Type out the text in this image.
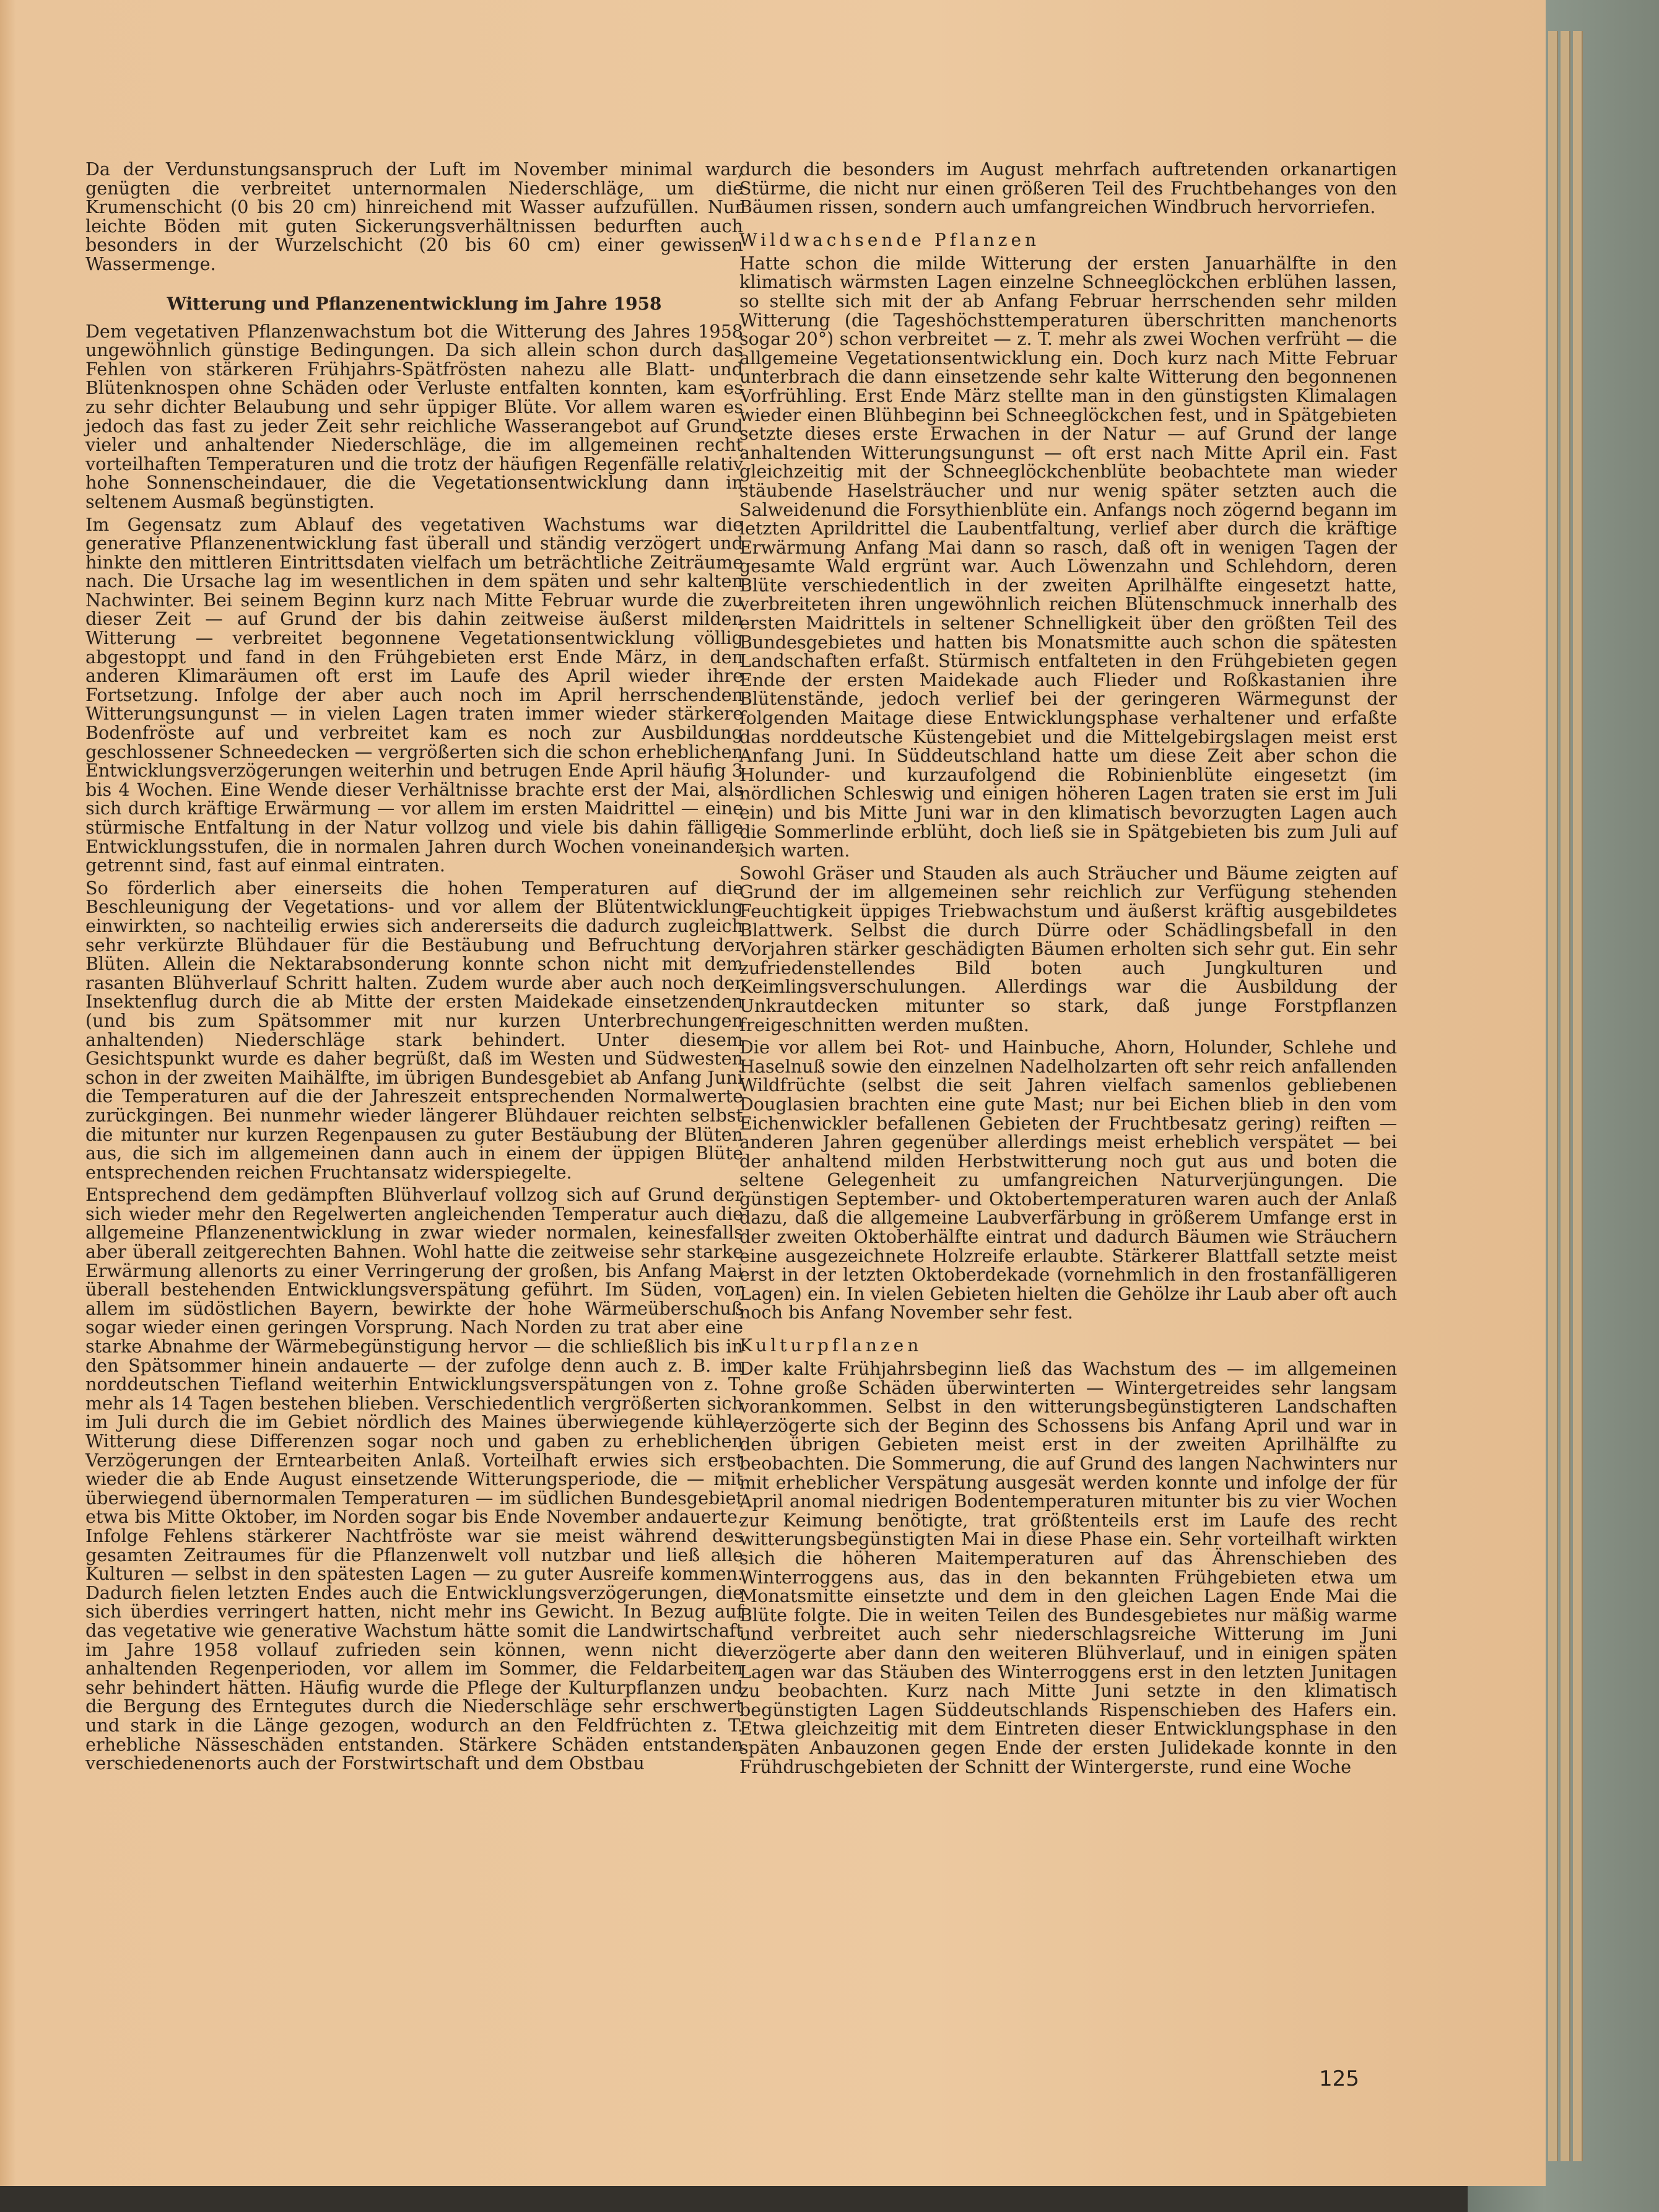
Da der Verdunstungsanspruch der Luft im November minimal war, genügten die verbreitet unternormalen Niederschläge, um die Krumenschicht (0 bis 20 cm) hinreichend mit Wasser aufzufüllen. Nur leichte Böden mit guten Sickerungsverhältnissen bedurften auch besonders in der Wurzelschicht (20 bis 60 cm) einer gewissen Wassermenge.

Witterung und Pflanzenentwicklung im Jahre 1958

Dem vegetativen Pflanzenwachstum bot die Witterung des Jahres 1958 ungewöhnlich günstige Bedingungen. Da sich allein schon durch das Fehlen von stärkeren Frühjahrs-Spätfrösten nahezu alle Blatt- und Blütenknospen ohne Schäden oder Verluste entfalten konnten, kam es zu sehr dichter Belaubung und sehr üppiger Blüte. Vor allem waren es jedoch das fast zu jeder Zeit sehr reichliche Wasserangebot auf Grund vieler und anhaltender Niederschläge, die im allgemeinen recht vorteilhaften Temperaturen und die trotz der häufigen Regenfälle relativ hohe Sonnenscheindauer, die die Vegetationsentwicklung dann in seltenem Ausmaß begünstigten.

Im Gegensatz zum Ablauf des vegetativen Wachstums war die generative Pflanzenentwicklung fast überall und ständig verzögert und hinkte den mittleren Eintrittsdaten vielfach um beträchtliche Zeiträume nach. Die Ursache lag im wesentlichen in dem späten und sehr kalten Nachwinter. Bei seinem Beginn kurz nach Mitte Februar wurde die zu dieser Zeit — auf Grund der bis dahin zeitweise äußerst milden Witterung — verbreitet begonnene Vegetationsentwicklung völlig abgestoppt und fand in den Frühgebieten erst Ende März, in den anderen Klimaräumen oft erst im Laufe des April wieder ihre Fortsetzung. Infolge der aber auch noch im April herrschenden Witterungsungunst — in vielen Lagen traten immer wieder stärkere Bodenfröste auf und verbreitet kam es noch zur Ausbildung geschlossener Schneedecken — vergrößerten sich die schon erheblichen Entwicklungsverzögerungen weiterhin und betrugen Ende April häufig 3 bis 4 Wochen. Eine Wende dieser Verhältnisse brachte erst der Mai, als sich durch kräftige Erwärmung — vor allem im ersten Maidrittel — eine stürmische Entfaltung in der Natur vollzog und viele bis dahin fällige Entwicklungsstufen, die in normalen Jahren durch Wochen voneinander getrennt sind, fast auf einmal eintraten.

So förderlich aber einerseits die hohen Temperaturen auf die Beschleunigung der Vegetations- und vor allem der Blütentwicklung einwirkten, so nachteilig erwies sich andererseits die dadurch zugleich sehr verkürzte Blühdauer für die Bestäubung und Befruchtung der Blüten. Allein die Nektarabsonderung konnte schon nicht mit dem rasanten Blühverlauf Schritt halten. Zudem wurde aber auch noch der Insektenflug durch die ab Mitte der ersten Maidekade einsetzenden (und bis zum Spätsommer mit nur kurzen Unterbrechungen anhaltenden) Niederschläge stark behindert. Unter diesem Gesichtspunkt wurde es daher begrüßt, daß im Westen und Südwesten schon in der zweiten Maihälfte, im übrigen Bundesgebiet ab Anfang Juni die Temperaturen auf die der Jahreszeit entsprechenden Normalwerte zurückgingen. Bei nunmehr wieder längerer Blühdauer reichten selbst die mitunter nur kurzen Regenpausen zu guter Bestäubung der Blüten aus, die sich im allgemeinen dann auch in einem der üppigen Blüte entsprechenden reichen Fruchtansatz widerspiegelte.

Entsprechend dem gedämpften Blühverlauf vollzog sich auf Grund der sich wieder mehr den Regelwerten angleichenden Temperatur auch die allgemeine Pflanzenentwicklung in zwar wieder normalen, keinesfalls aber überall zeitgerechten Bahnen. Wohl hatte die zeitweise sehr starke Erwärmung allenorts zu einer Verringerung der großen, bis Anfang Mai überall bestehenden Entwicklungsverspätung geführt. Im Süden, vor allem im südöstlichen Bayern, bewirkte der hohe Wärmeüberschuß sogar wieder einen geringen Vorsprung. Nach Norden zu trat aber eine starke Abnahme der Wärmebegünstigung hervor — die schließlich bis in den Spätsommer hinein andauerte — der zufolge denn auch z. B. im norddeutschen Tiefland weiterhin Entwicklungsverspätungen von z. T. mehr als 14 Tagen bestehen blieben. Verschiedentlich vergrößerten sich im Juli durch die im Gebiet nördlich des Maines überwiegende kühle Witterung diese Differenzen sogar noch und gaben zu erheblichen Verzögerungen der Erntearbeiten Anlaß. Vorteilhaft erwies sich erst wieder die ab Ende August einsetzende Witterungsperiode, die — mit überwiegend übernormalen Temperaturen — im südlichen Bundesgebiet etwa bis Mitte Oktober, im Norden sogar bis Ende November andauerte. Infolge Fehlens stärkerer Nachtfröste war sie meist während des gesamten Zeitraumes für die Pflanzenwelt voll nutzbar und ließ alle Kulturen — selbst in den spätesten Lagen — zu guter Ausreife kommen. Dadurch fielen letzten Endes auch die Entwicklungsverzögerungen, die sich überdies verringert hatten, nicht mehr ins Gewicht. In Bezug auf das vegetative wie generative Wachstum hätte somit die Landwirtschaft im Jahre 1958 vollauf zufrieden sein können, wenn nicht die anhaltenden Regenperioden, vor allem im Sommer, die Feldarbeiten sehr behindert hätten. Häufig wurde die Pflege der Kulturpflanzen und die Bergung des Erntegutes durch die Niederschläge sehr erschwert und stark in die Länge gezogen, wodurch an den Feldfrüchten z. T. erhebliche Nässeschäden entstanden. Stärkere Schäden entstanden verschiedenenorts auch der Forstwirtschaft und dem Obstbau

durch die besonders im August mehrfach auftretenden orkanartigen Stürme, die nicht nur einen größeren Teil des Fruchtbehanges von den Bäumen rissen, sondern auch umfangreichen Windbruch hervorriefen.

Wildwachsende Pflanzen

Hatte schon die milde Witterung der ersten Januarhälfte in den klimatisch wärmsten Lagen einzelne Schneeglöckchen erblühen lassen, so stellte sich mit der ab Anfang Februar herrschenden sehr milden Witterung (die Tageshöchsttemperaturen überschritten manchenorts sogar 20°) schon verbreitet — z. T. mehr als zwei Wochen verfrüht — die allgemeine Vegetationsentwicklung ein. Doch kurz nach Mitte Februar unterbrach die dann einsetzende sehr kalte Witterung den begonnenen Vorfrühling. Erst Ende März stellte man in den günstigsten Klimalagen wieder einen Blühbeginn bei Schneeglöckchen fest, und in Spätgebieten setzte dieses erste Erwachen in der Natur — auf Grund der lange anhaltenden Witterungsungunst — oft erst nach Mitte April ein. Fast gleichzeitig mit der Schneeglöckchenblüte beobachtete man wieder stäubende Haselsträucher und nur wenig später setzten auch die Salweidenund die Forsythienblüte ein. Anfangs noch zögernd begann im letzten Aprildrittel die Laubentfaltung, verlief aber durch die kräftige Erwärmung Anfang Mai dann so rasch, daß oft in wenigen Tagen der gesamte Wald ergrünt war. Auch Löwenzahn und Schlehdorn, deren Blüte verschiedentlich in der zweiten Aprilhälfte eingesetzt hatte, verbreiteten ihren ungewöhnlich reichen Blütenschmuck innerhalb des ersten Maidrittels in seltener Schnelligkeit über den größten Teil des Bundesgebietes und hatten bis Monatsmitte auch schon die spätesten Landschaften erfaßt. Stürmisch entfalteten in den Frühgebieten gegen Ende der ersten Maidekade auch Flieder und Roßkastanien ihre Blütenstände, jedoch verlief bei der geringeren Wärmegunst der folgenden Maitage diese Entwicklungsphase verhaltener und erfaßte das norddeutsche Küstengebiet und die Mittelgebirgslagen meist erst Anfang Juni. In Süddeutschland hatte um diese Zeit aber schon die Holunder- und kurzaufolgend die Robinienblüte eingesetzt (im nördlichen Schleswig und einigen höheren Lagen traten sie erst im Juli ein) und bis Mitte Juni war in den klimatisch bevorzugten Lagen auch die Sommerlinde erblüht, doch ließ sie in Spätgebieten bis zum Juli auf sich warten.

Sowohl Gräser und Stauden als auch Sträucher und Bäume zeigten auf Grund der im allgemeinen sehr reichlich zur Verfügung stehenden Feuchtigkeit üppiges Triebwachstum und äußerst kräftig ausgebildetes Blattwerk. Selbst die durch Dürre oder Schädlingsbefall in den Vorjahren stärker geschädigten Bäumen erholten sich sehr gut. Ein sehr zufriedenstellendes Bild boten auch Jungkulturen und Keimlingsverschulungen. Allerdings war die Ausbildung der Unkrautdecken mitunter so stark, daß junge Forstpflanzen freigeschnitten werden mußten.

Die vor allem bei Rot- und Hainbuche, Ahorn, Holunder, Schlehe und Haselnuß sowie den einzelnen Nadelholzarten oft sehr reich anfallenden Wildfrüchte (selbst die seit Jahren vielfach samenlos gebliebenen Douglasien brachten eine gute Mast; nur bei Eichen blieb in den vom Eichenwickler befallenen Gebieten der Fruchtbesatz gering) reiften — anderen Jahren gegenüber allerdings meist erheblich verspätet — bei der anhaltend milden Herbstwitterung noch gut aus und boten die seltene Gelegenheit zu umfangreichen Naturverjüngungen. Die günstigen September- und Oktobertemperaturen waren auch der Anlaß dazu, daß die allgemeine Laubverfärbung in größerem Umfange erst in der zweiten Oktoberhälfte eintrat und dadurch Bäumen wie Sträuchern eine ausgezeichnete Holzreife erlaubte. Stärkerer Blattfall setzte meist erst in der letzten Oktoberdekade (vornehmlich in den frostanfälligeren Lagen) ein. In vielen Gebieten hielten die Gehölze ihr Laub aber oft auch noch bis Anfang November sehr fest.

Kulturpflanzen

Der kalte Frühjahrsbeginn ließ das Wachstum des — im allgemeinen ohne große Schäden überwinterten — Wintergetreides sehr langsam vorankommen. Selbst in den witterungsbegünstigteren Landschaften verzögerte sich der Beginn des Schossens bis Anfang April und war in den übrigen Gebieten meist erst in der zweiten Aprilhälfte zu beobachten. Die Sommerung, die auf Grund des langen Nachwinters nur mit erheblicher Verspätung ausgesät werden konnte und infolge der für April anomal niedrigen Bodentemperaturen mitunter bis zu vier Wochen zur Keimung benötigte, trat größtenteils erst im Laufe des recht witterungsbegünstigten Mai in diese Phase ein. Sehr vorteilhaft wirkten sich die höheren Maitemperaturen auf das Ährenschieben des Winterroggens aus, das in den bekannten Frühgebieten etwa um Monatsmitte einsetzte und dem in den gleichen Lagen Ende Mai die Blüte folgte. Die in weiten Teilen des Bundesgebietes nur mäßig warme und verbreitet auch sehr niederschlagsreiche Witterung im Juni verzögerte aber dann den weiteren Blühverlauf, und in einigen späten Lagen war das Stäuben des Winterroggens erst in den letzten Junitagen zu beobachten. Kurz nach Mitte Juni setzte in den klimatisch begünstigten Lagen Süddeutschlands Rispenschieben des Hafers ein. Etwa gleichzeitig mit dem Eintreten dieser Entwicklungsphase in den späten Anbauzonen gegen Ende der ersten Julidekade konnte in den Frühdruschgebieten der Schnitt der Wintergerste, rund eine Woche

125
